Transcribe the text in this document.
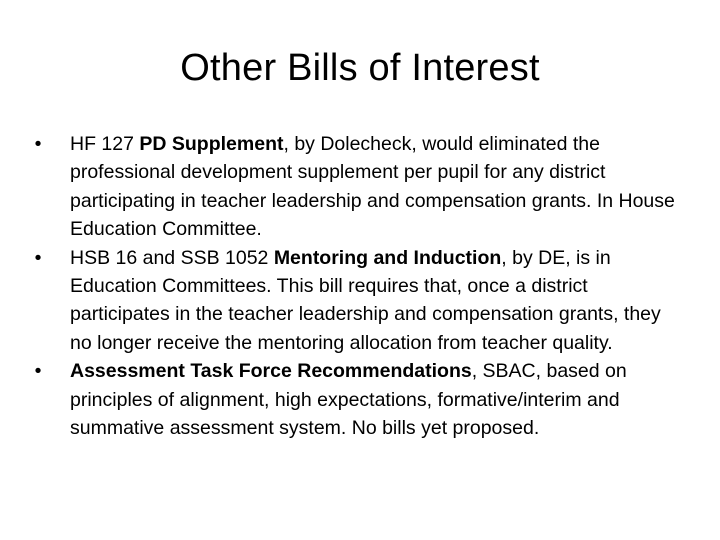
Other Bills of Interest
• HF 127 PD Supplement, by Dolecheck, would eliminated the professional development supplement per pupil for any district participating in teacher leadership and compensation grants. In House Education Committee.
• HSB 16 and SSB 1052 Mentoring and Induction, by DE, is in Education Committees. This bill requires that, once a district participates in the teacher leadership and compensation grants, they no longer receive the mentoring allocation from teacher quality.
• Assessment Task Force Recommendations, SBAC, based on principles of alignment, high expectations, formative/interim and summative assessment system. No bills yet proposed.
